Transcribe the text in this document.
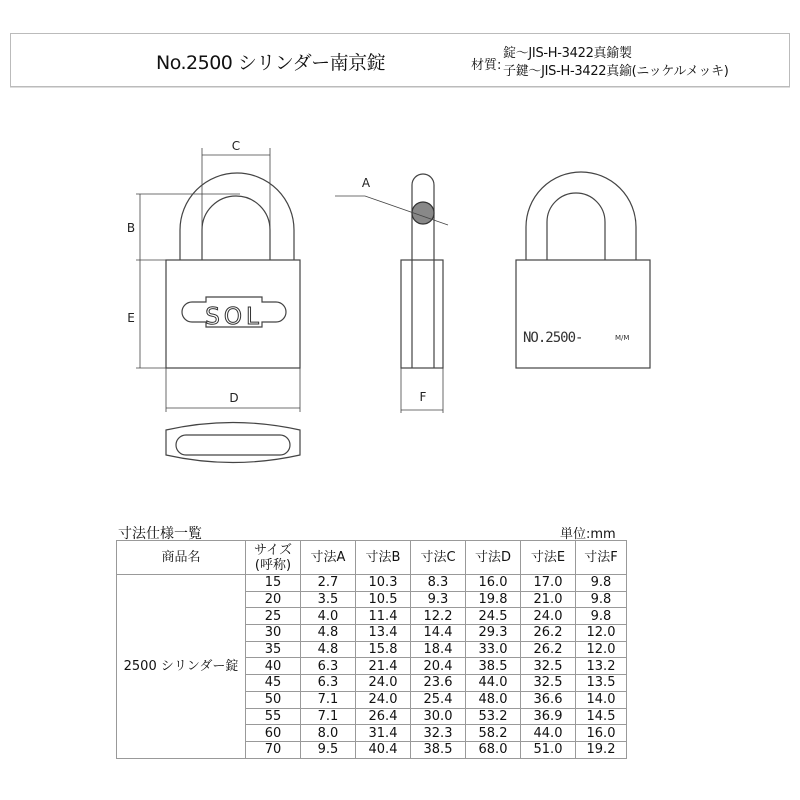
No.2500 シリンダー南京錠	材質:
錠～JIS-H-3422真鍮製
子鍵～JIS-H-3422真鍮(ニッケルメッキ)
SOL
C
B
E
D
A
F
NO.2500-	M/M
寸法仕様一覧	単位:mm
商品名	サイズ(呼称)	寸法A	寸法B	寸法C	寸法D	寸法E	寸法F
2500 シリンダー錠	15	2.7	10.3	8.3	16.0	17.0	9.8
	20	3.5	10.5	9.3	19.8	21.0	9.8
	25	4.0	11.4	12.2	24.5	24.0	9.8
	30	4.8	13.4	14.4	29.3	26.2	12.0
	35	4.8	15.8	18.4	33.0	26.2	12.0
	40	6.3	21.4	20.4	38.5	32.5	13.2
	45	6.3	24.0	23.6	44.0	32.5	13.5
	50	7.1	24.0	25.4	48.0	36.6	14.0
	55	7.1	26.4	30.0	53.2	36.9	14.5
	60	8.0	31.4	32.3	58.2	44.0	16.0
	70	9.5	40.4	38.5	68.0	51.0	19.2
